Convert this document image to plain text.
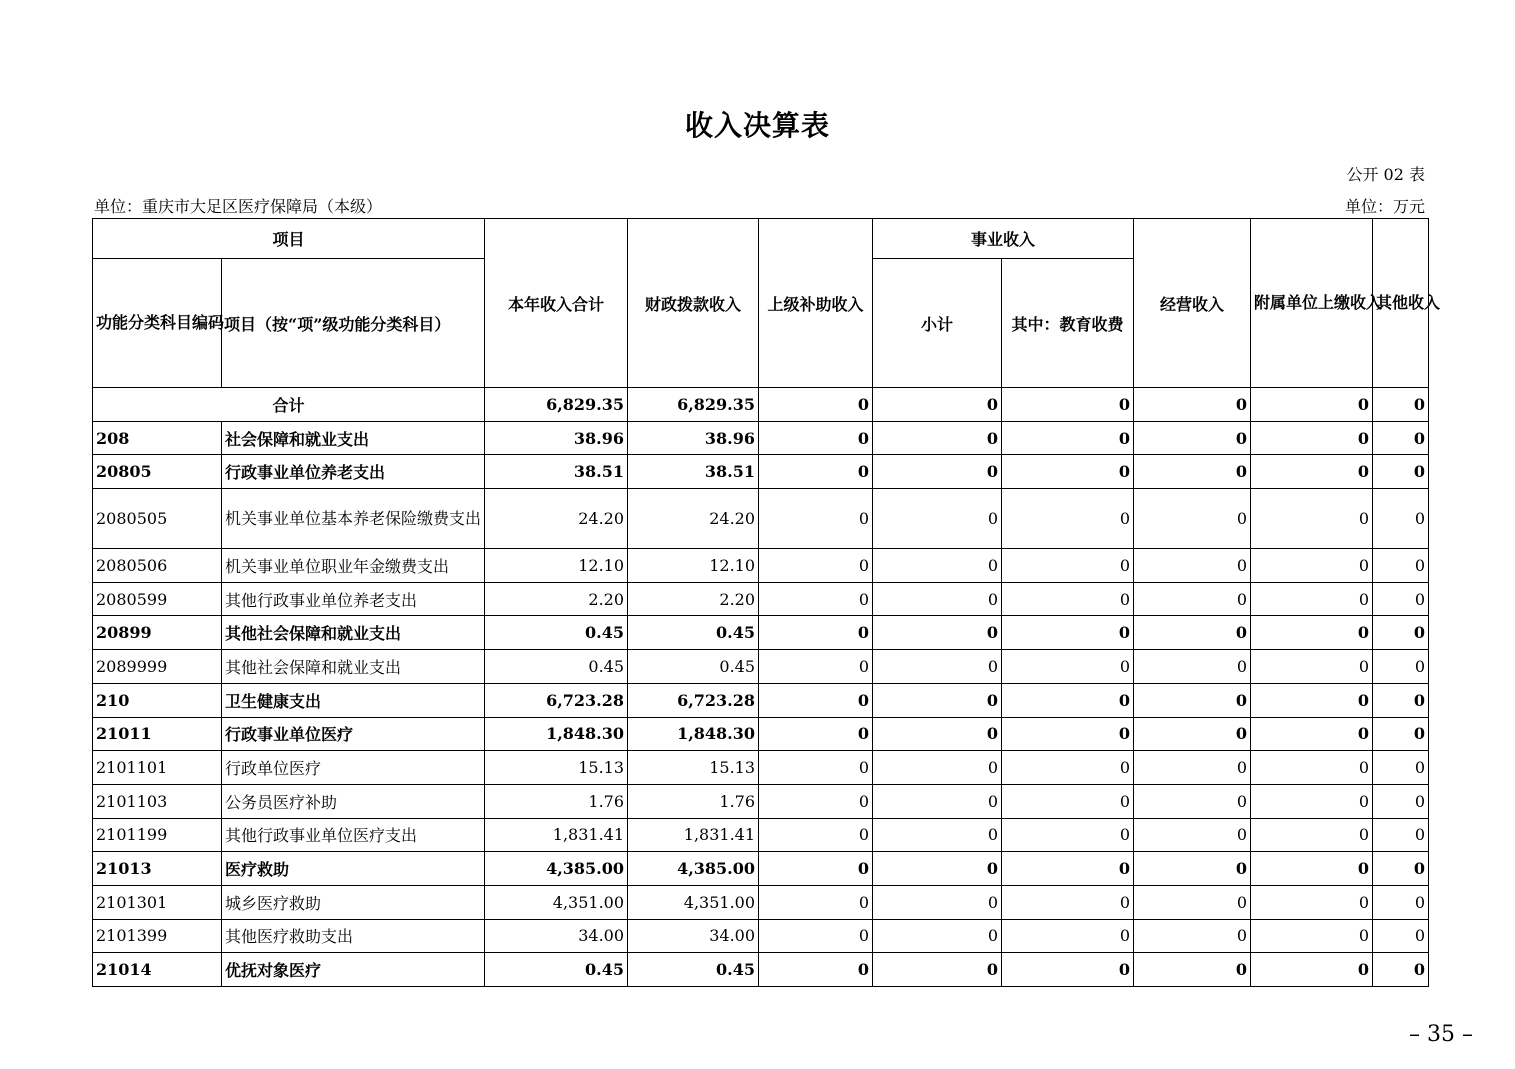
收入决算表
公开 02 表
单位：重庆市大足区医疗保障局（本级）	单位：万元
项目		本年收入合计	财政拨款收入	上级补助收入	事业收入		经营收入	附属单位上缴收入	其他收入
功能分类科目编码	项目（按“项”级功能分类科目）				小计	其中：教育收费			
合计		6,829.35	6,829.35	0	0	0	0	0	0
208	社会保障和就业支出	38.96	38.96	0	0	0	0	0	0
20805	行政事业单位养老支出	38.51	38.51	0	0	0	0	0	0
2080505	机关事业单位基本养老保险缴费支出	24.20	24.20	0	0	0	0	0	0
2080506	机关事业单位职业年金缴费支出	12.10	12.10	0	0	0	0	0	0
2080599	其他行政事业单位养老支出	2.20	2.20	0	0	0	0	0	0
20899	其他社会保障和就业支出	0.45	0.45	0	0	0	0	0	0
2089999	其他社会保障和就业支出	0.45	0.45	0	0	0	0	0	0
210	卫生健康支出	6,723.28	6,723.28	0	0	0	0	0	0
21011	行政事业单位医疗	1,848.30	1,848.30	0	0	0	0	0	0
2101101	行政单位医疗	15.13	15.13	0	0	0	0	0	0
2101103	公务员医疗补助	1.76	1.76	0	0	0	0	0	0
2101199	其他行政事业单位医疗支出	1,831.41	1,831.41	0	0	0	0	0	0
21013	医疗救助	4,385.00	4,385.00	0	0	0	0	0	0
2101301	城乡医疗救助	4,351.00	4,351.00	0	0	0	0	0	0
2101399	其他医疗救助支出	34.00	34.00	0	0	0	0	0	0
21014	优抚对象医疗	0.45	0.45	0	0	0	0	0	0
– 35 –
